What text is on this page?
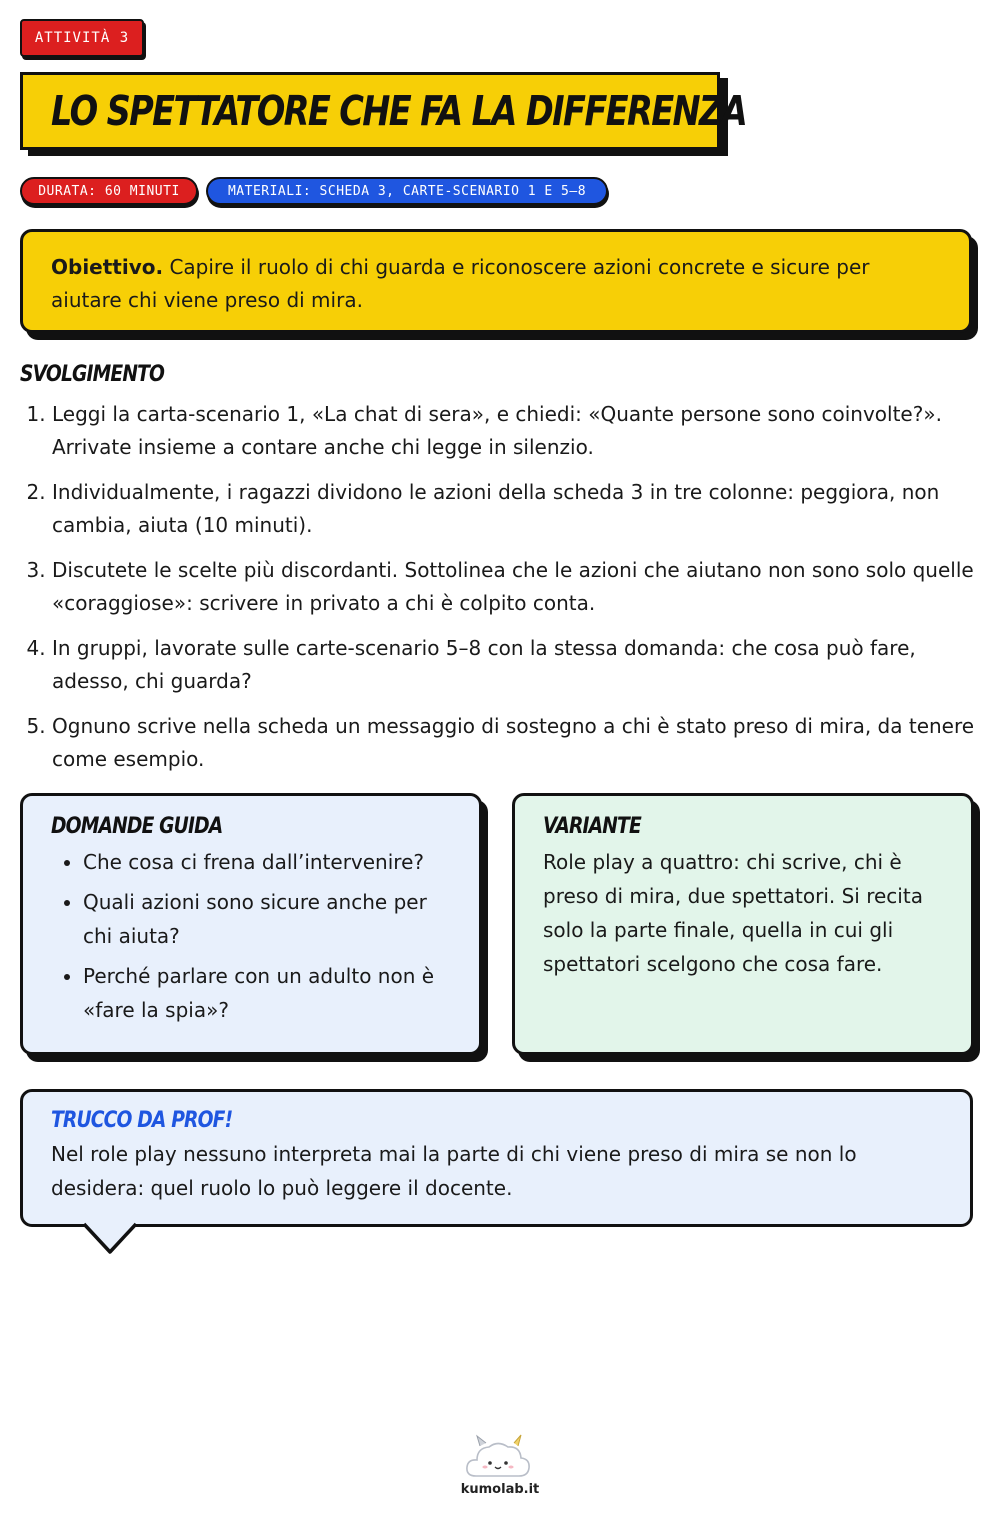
ATTIVITÀ 3
LO SPETTATORE CHE FA LA DIFFERENZA
DURATA: 60 MINUTI	MATERIALI: SCHEDA 3, CARTE-SCENARIO 1 E 5–8
Obiettivo. Capire il ruolo di chi guarda e riconoscere azioni concrete e sicure per aiutare chi viene preso di mira.
SVOLGIMENTO
1. Leggi la carta-scenario 1, «La chat di sera», e chiedi: «Quante persone sono coinvolte?». Arrivate insieme a contare anche chi legge in silenzio.
2. Individualmente, i ragazzi dividono le azioni della scheda 3 in tre colonne: peggiora, non cambia, aiuta (10 minuti).
3. Discutete le scelte più discordanti. Sottolinea che le azioni che aiutano non sono solo quelle «coraggiose»: scrivere in privato a chi è colpito conta.
4. In gruppi, lavorate sulle carte-scenario 5–8 con la stessa domanda: che cosa può fare, adesso, chi guarda?
5. Ognuno scrive nella scheda un messaggio di sostegno a chi è stato preso di mira, da tenere come esempio.
DOMANDE GUIDA
• Che cosa ci frena dall’intervenire?
• Quali azioni sono sicure anche per chi aiuta?
• Perché parlare con un adulto non è «fare la spia»?
VARIANTE

Role play a quattro: chi scrive, chi è preso di mira, due spettatori. Si recita solo la parte finale, quella in cui gli spettatori scelgono che cosa fare.

TRUCCO DA PROF!

Nel role play nessuno interpreta mai la parte di chi viene preso di mira se non lo desidera: quel ruolo lo può leggere il docente.

kumolab.it
